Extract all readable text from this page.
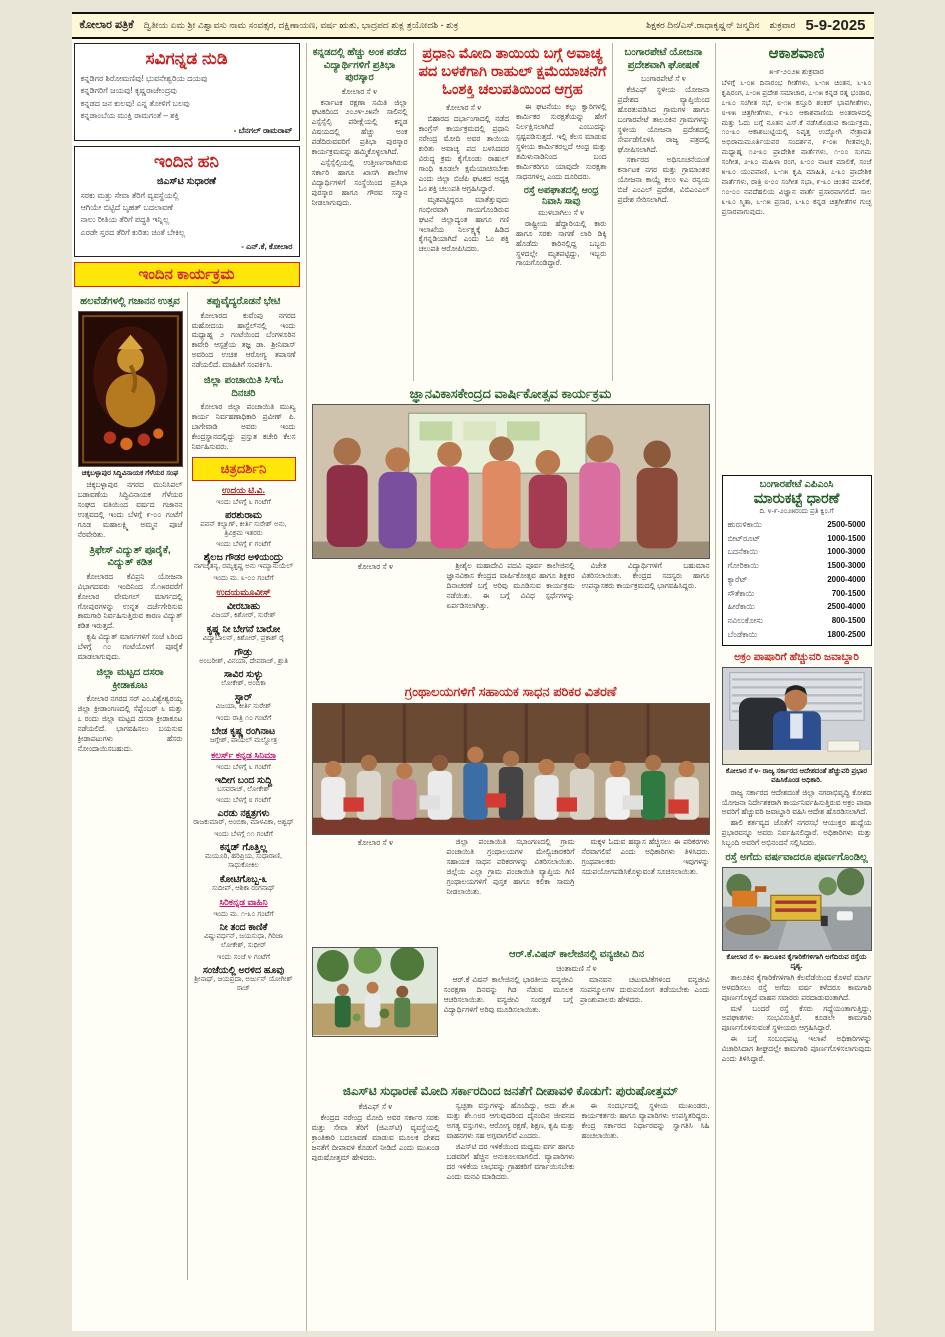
ಕೋಲಾರ ಪತ್ರಿಕೆ ದ್ವಿತೀಯ ಏಮ ಶ್ರೀ ವಿಶ್ವಾವಸು ನಾಮ ಸಂವತ್ಸರ, ದಕ್ಷಿಣಾಯಣ, ವರ್ಷ ಋತು, ಭಾದ್ರಪದ ಶುಕ್ಲ ತ್ರಯೋದಶಿ - ಶುಕ್ರ	ಶಿಕ್ಷಕರ ದಿನ/ಎಸ್.ರಾಧಾಕೃಷ್ಣನ್ ಜನ್ಮದಿನ ಶುಕ್ರವಾರ 5-9-2025
ಸವಿಗನ್ನಡ ನುಡಿ
ಕನ್ನಡಿಗರ ಶಿರೋಮಣಿವು! ಭುವನೇಶ್ವರಿಯ ದಯವು
ಕನ್ನಡಿಗರಿಗೆ ಜಯವು! ಕೃಷ್ಣರಾಜೇಂದ್ರವು
ಕನ್ನಡದ ಜನ ಕುಲವು! ಎನ್ನ ತೋಳಿಗೆ ಬಲವು
ಕನ್ನಡಾಂಬೆಯ ಮುಕ್ತಿ ರಾಮಗಂತೆ – ಶಕ್ತಿ
- ಬೆನಗಲ್ ರಾಮರಾವ್
ಇಂದಿನ ಹನಿ
ಜಿಎಸ್‌ಟಿ ಸುಧಾರಣೆ
ಸರಕು ಮತ್ತು ಸೇವಾ ತೆರಿಗೆ ವ್ಯವಸ್ಥೆಯಲ್ಲಿ
ಆಗಿಯೇ ಬಿಟ್ಟಿದೆ ಬೃಹತ್ ಬದಲಾವಣೆ
ನಾಲು ರೀತಿಯ ತೆರಿಗೆ ಪದ್ಧತಿ ಇನ್ನಿಲ್ಲ
ಎರಡೇ ಸ್ತರದ ತೆರಿಗೆ ಕುರಿತು ಚಿಂತೆ ಬೇಕಿಲ್ಲ
- ಎನ್.ಕೆ, ಕೋಲಾರ
ಇಂದಿನ ಕಾರ್ಯಕ್ರಮ
ಹಲವೆಡೆಗಳಲ್ಲಿ ಗಜಾನನ ಉತ್ಸವ
ಚಿಕ್ಕಬಳ್ಳಾಪುರ ಸಿದ್ಧಿವಿನಾಯಕ ಗೆಳೆಯರ ಸಂಘ

ಚಿಕ್ಕಬಳ್ಳಾಪುರ ನಗರದ ಮುನಿಸಿಪಲ್ ಬಡಾವಣೆಯ ಸಿದ್ಧಿವಿನಾಯಕ ಗೆಳೆಯರ ಸಂಘದ ವತಿಯಿಂದ ವರ್ಷದ ಗಜಾನನ ಉತ್ಸವದಲ್ಲಿ ಇಂದು ಬೆಳಗ್ಗೆ ೯-೦೦ ಗಂಟೆಗೆ ಗೂಡ ಮಹಾಲಕ್ಷ್ಮಿ ಅಮ್ಮನ ಪೂಜೆ ನೆರವೇರಿತು.

ತ್ರಿಫೇಸ್ ವಿದ್ಯುತ್ ಪೂರೈಕೆ, ವಿದ್ಯುತ್ ಕಡಿತ

ಕೋಲಾರದ ಕೆವಿಪ್ರನಿ ಯೋಜನಾ ವಿಭಾಗದವರು ಇಂದಿನಿಂದ ಸೆ.೧೫ರವರೆಗೆ ಕೋಲಾರ ವೇಮಗಲ್ ಮಾರ್ಗದಲ್ಲಿ ಗೋಪುರಗಳನ್ನು ಉನ್ನತ ದರ್ಜೆಗೇರಿಸುವ ಕಾಮಗಾರಿ ನಿರ್ವಹಿಸುತ್ತಿರುವ ಕಾರಣ ವಿದ್ಯುತ್ ಕಡಿತ ಇರುತ್ತದೆ.

ಕೃಷಿ ವಿದ್ಯುತ್ ಮಾರ್ಗಗಳಿಗೆ ಸಂಜೆ ೬ರಿಂದ ಬೆಳಗ್ಗೆ ೧೦ ಗಂಟೆಯೊಳಗೆ ಪೂರೈಕೆ ಮಾಡಲಾಗುವುದು.

ಜಿಲ್ಲಾ ಮಟ್ಟದ ದಸರಾ ಕ್ರೀಡಾಕೂಟ

ಕೋಲಾರ ನಗರದ ಸರ್ ಎಂ.ವಿಶ್ವೇಶ್ವರಯ್ಯ ಜಿಲ್ಲಾ ಕ್ರೀಡಾಂಗಣದಲ್ಲಿ ಸೆಪ್ಟೆಂಬರ್ ೬ ಮತ್ತು ೭ ರಂದು ಜಿಲ್ಲಾ ಮಟ್ಟದ ದಸರಾ ಕ್ರೀಡಾಕೂಟ ನಡೆಯಲಿದೆ. ಭಾಗವಹಿಸಲು ಬಯಸುವ ಕ್ರೀಡಾಪಟುಗಳು ಹೆಸರು ನೋಂದಾಯಿಸಬಹುದು.

ತಪ್ಪುವೈದ್ಯರೊಡನೆ ಭೇಟಿ

ಕೋಲಾರದ ಕುವೆಂಪು ನಗರದ ಮಹೋದಯ ಹಾಸ್ಟೆಲ್‌ನಲ್ಲಿ ಇಂದು ಮಧ್ಯಾಹ್ನ ೨ ಗಂಟೆಯಿಂದ ಬೆಂಗಳೂರಿನ ಕಾವೇರಿ ಆಸ್ಪತ್ರೆಯ ತಜ್ಞ ಡಾ. ಶ್ರೀನಿವಾಸ್ ಅವರಿಂದ ಉಚಿತ ಆರೋಗ್ಯ ತಪಾಸಣೆ ನಡೆಯಲಿದೆ. ಮಾಹಿತಿಗೆ ಸಂಪರ್ಕಿಸಿ.

ಜಿಲ್ಲಾ ಪಂಚಾಯಿತಿ ಸಿಇಓ ದಿನಚರಿ

ಕೋಲಾರ ಜಿಲ್ಲಾ ಪಂಚಾಯಿತಿ ಮುಖ್ಯ ಕಾರ್ಯ ನಿರ್ವಹಣಾಧಿಕಾರಿ ಪ್ರವೀಣ್ ಪಿ. ಬಾಗೇವಾಡಿ ಅವರು ಇಂದು ಕೇಂದ್ರಸ್ಥಾನದಲ್ಲಿದ್ದು ಪ್ರಸ್ತುತ ಕಚೇರಿ ಕೆಲಸ ನಿರ್ವಹಿಸುವರು.

ಚಿತ್ರದರ್ಶಿನಿ
ಉದಯ ಟಿ.ವಿ.
ಇಂದು ಬೆಳಗ್ಗೆ ೬ ಗಂಟೆಗೆ
ಪರಶುರಾಮ
ಪವನ್ ಕಲ್ಯಾಣ್, ಕೀರ್ತಿ ಸುರೇಶ್ ಅನು, ತ್ರಿವಿಕ್ರಮ ಇತರರು
ಇಂದು ಬೆಳಗ್ಗೆ ೯ ಗಂಟೆಗೆ
ಶೈಲಜ ಗೌಡರ ಅಳಿಯಂದ್ರು
ನಾಗಚೈತನ್ಯ, ರಮ್ಯಕೃಷ್ಣ ಅನು ಇಮ್ಯಾನುಯೆಲ್
ಇಂದು ಮ. ೩-೦೦ ಗಂಟೆಗೆ
ಉದಯಮೂವೀಸ್
ವೀರಬಾಹು
ವಿಜಯ್, ಕಿಶೋರ್, ಸುರೇಶ್
ಕೃಷ್ಣ ನೀ ಬೇಗನೆ ಬಾರೋ
ವಿದ್ಯಾಬಾಲನ್, ಕಿಶೋರ್, ಪ್ರಕಾಶ್ ರೈ
ಗೌಡ್ರು
ಅಂಬರೀಶ್, ವಿನಯಾ, ದೇವರಾಜ್, ಶ್ರುತಿ
ಸಾವಿರ ಸುಳ್ಳು
ಲೋಕೇಶ್, ಅಂಬಿಕಾ
ಸ್ಟಾರ್
ವಿಜಯಾ, ಕೀರ್ತಿ ಸುರೇಶ್
ಇಂದು ರಾತ್ರಿ ೧೦ ಗಂಟೆಗೆ
ಬೇಡ ಕೃಷ್ಣ ರಂಗಿನಾಟ
ಜಗ್ಗೇಶ್, ಪಾಯಲ್ ಮಲ್ಹೋತ್ರ
ಕಲರ್ಸ್ ಕನ್ನಡ ಸಿನಿಮಾ
ಇಂದು ಬೆಳಗ್ಗೆ ೬ ಗಂಟೆಗೆ
ಇದೀಗ ಬಂದ ಸುದ್ದಿ
ಬಸವರಾಜ್, ಲೋಕೇಶ್
ಇಂದು ಬೆಳಗ್ಗೆ ೮ ಗಂಟೆಗೆ
ಎರಡು ನಕ್ಷತ್ರಗಳು
ರಾಜಕುಮಾರ್, ಅಂಬಿಕಾ, ಮಾಳವಿಕಾ, ಅಶ್ವಥ್
ಇಂದು ಬೆಳಗ್ಗೆ ೧೧ ಗಂಟೆಗೆ
ಕನ್ನಡ್ ಗೊತ್ತಿಲ್ಲ
ಮಯೂರಿ, ಹರಿಪ್ರಿಯ, ಸುಧಾರಾಣಿ, ಸಾಧುಕೋಕಿಲ
ಕೋಟಿಗೊಬ್ಬ-೩
ಸುದೀಪ್, ಆಶಿಕಾ ರಂಗನಾಥ್
ಸಿರಿಕನ್ನಡ ವಾಹಿನಿ
ಇಂದು ಮ. ೧-೩೦ ಗಂಟೆಗೆ
ನೀ ತಂದ ಕಾಣಿಕೆ
ವಿಷ್ಣುವರ್ಧನ್, ಜಯಸುಧಾ, ಗಿರಿಜಾ ಲೋಕೇಶ್, ಸುಧೀರ್
ಇಂದು ಸಂಜೆ ೪ ಗಂಟೆಗೆ
ಸಂಜೆಯಲ್ಲಿ ಅರಳಿದ ಹೂವು
ಶ್ರೀನಾಥ್, ಜಯಪ್ರದಾ, ಅರ್ಜುನ್ ಯೋಗೀಶ್ ರಾಜ್
ಕನ್ನಡದಲ್ಲಿ ಹೆಚ್ಚು ಅಂಕ ಪಡೆದ ವಿದ್ಯಾರ್ಥಿಗಳಿಗೆ ಪ್ರತಿಭಾ ಪುರಸ್ಕಾರ
ಕೋಲಾರ ಸೆ ೪

ಕರ್ನಾಟಕ ರಕ್ಷಣಾ ಸಮಿತಿ ಜಿಲ್ಲಾ ಘಟಕದಿಂದ ೨೦೨೪-೨೫ನೇ ಸಾಲಿನಲ್ಲಿ ಎಸ್ಸೆಸ್ಸೆಲ್ಸಿ ಪರೀಕ್ಷೆಯಲ್ಲಿ ಕನ್ನಡ ವಿಷಯದಲ್ಲಿ ಹೆಚ್ಚು ಅಂಕ ಪಡೆದಿರುವವರಿಗೆ ಪ್ರತಿಭಾ ಪುರಸ್ಕಾರ ಕಾರ್ಯಕ್ರಮವನ್ನು ಹಮ್ಮಿಕೊಳ್ಳಲಾಗಿದೆ.

ಎಸ್ಸೆಸ್ಸೆಲ್ಸಿಯಲ್ಲಿ ಉತ್ತೀರ್ಣರಾಗಿರುವ ಸರ್ಕಾರಿ ಹಾಗೂ ಖಾಸಗಿ ಶಾಲೆಗಳ ವಿದ್ಯಾರ್ಥಿಗಳಿಗೆ ಸಂಸ್ಥೆಯಿಂದ ಪ್ರತಿಭಾ ಪುರಸ್ಕಾರ ಹಾಗೂ ಗೌರವ ಸನ್ಮಾನ ನೀಡಲಾಗುವುದು.

ಪ್ರಧಾನಿ ಮೋದಿ ತಾಯಿಯ ಬಗ್ಗೆ ಅವಾಚ್ಯ ಪದ ಬಳಕೆಗಾಗಿ ರಾಹುಲ್ ಕ್ಷಮೆಯಾಚನೆಗೆ ಓಂಶಕ್ತಿ ಚಲುಪತಿಯಿಂದ ಆಗ್ರಹ
ಕೋಲಾರ ಸೆ ೪

ಬಿಹಾರದ ದರ್ಭಾಂಗಾದಲ್ಲಿ ನಡೆದ ಕಾಂಗ್ರೆಸ್ ಕಾರ್ಯಕ್ರಮದಲ್ಲಿ ಪ್ರಧಾನಿ ನರೇಂದ್ರ ಮೋದಿ ಅವರ ತಾಯಿಯ ಕುರಿತು ಅವಾಚ್ಯ ಪದ ಬಳಸಿದವರ ವಿರುದ್ಧ ಕ್ರಮ ಕೈಗೊಂಡು ರಾಹುಲ್ ಗಾಂಧಿ ಕೂಡಲೇ ಕ್ಷಮೆಯಾಚಿಸಬೇಕು ಎಂದು ಜಿಲ್ಲಾ ಬಿಜೆಪಿ ಘಟಕದ ಅಧ್ಯಕ್ಷ ಓಂ ಶಕ್ತಿ ಚಲುಪತಿ ಆಗ್ರಹಿಸಿದ್ದಾರೆ.

ಮೃತಪಟ್ಟಿದ್ದರೂ ಮಾತೆತ್ತುವುದು ಗಂಭೀರವಾಗಿ ಗಾಯಗೊಂಡಿರುವ ಘಟನೆ ಜಿಲ್ಲಾದ್ಯಂತ ಹಾಗೂ ಗಣಿ ಇಲಾಖೆಯ ನಿರ್ಲಕ್ಷ್ಯಕ್ಕೆ ಹಿಡಿದ ಕೈಗನ್ನಡಿಯಾಗಿದೆ ಎಂದು ಓಂ ಶಕ್ತಿ ಚಲುಪತಿ ಆರೋಪಿಸಿದರು.

ಈ ಘಟನೆಯು ಕಲ್ಲು ಕ್ವಾರಿಗಳಲ್ಲಿ ಕಾರ್ಮಿಕರ ಸುರಕ್ಷತೆಯನ್ನು ಹೇಗೆ ನಿರ್ಲಕ್ಷಿಸಲಾಗಿದೆ ಎಂಬುದನ್ನು ಸ್ಪಷ್ಟಪಡಿಸುತ್ತದೆ. ಇಲ್ಲಿ ಕೆಲಸ ಮಾಡುವ ಸ್ಥಳೀಯ ಕಾರ್ಮಿಕರಲ್ಲದೆ ಆಂಧ್ರ ಮತ್ತು ತಮಿಳುನಾಡಿನಿಂದ ಬಂದ ಕಾರ್ಮಿಕರಿಗೂ ಯಾವುದೇ ಸುರಕ್ಷತಾ ಸಾಧನಗಳಿಲ್ಲ ಎಂದು ದೂರಿದರು.

ರಸ್ತೆ ಅಪಘಾತದಲ್ಲಿ ಆಂಧ್ರ ನಿವಾಸಿ ಸಾವು
ಮುಳಬಾಗಿಲು ಸೆ ೪

ರಾಷ್ಟ್ರೀಯ ಹೆದ್ದಾರಿಯಲ್ಲಿ ಕಾರು ಹಾಗೂ ಸರಕು ಸಾಗಣೆ ಲಾರಿ ಡಿಕ್ಕಿ ಹೊಡೆದು ಕಾರಿನಲ್ಲಿದ್ದ ಒಬ್ಬರು ಸ್ಥಳದಲ್ಲೇ ಮೃತಪಟ್ಟಿದ್ದು, ಇಬ್ಬರು ಗಾಯಗೊಂಡಿದ್ದಾರೆ.

ಬಂಗಾರಪೇಟೆ ಯೋಜನಾ ಪ್ರದೇಶವಾಗಿ ಘೋಷಣೆ
ಬಂಗಾರಪೇಟೆ ಸೆ ೪

ಕೆಜಿಎಫ್ ಸ್ಥಳೀಯ ಯೋಜನಾ ಪ್ರದೇಶದ ವ್ಯಾಪ್ತಿಯಿಂದ ಹೊರತುಪಡಿಸಿದ ಗ್ರಾಮಗಳ ಹಾಗೂ ಬಂಗಾರಪೇಟೆ ತಾಲೂಕಿನ ಗ್ರಾಮಗಳನ್ನು ಸ್ಥಳೀಯ ಯೋಜನಾ ಪ್ರದೇಶದಲ್ಲಿ ಸೇರ್ಪಡೆಗೊಳಿಸಿ ರಾಜ್ಯ ಪತ್ರದಲ್ಲಿ ಘೋಷಿಸಲಾಗಿದೆ.

ಸರ್ಕಾರದ ಅಧಿಸೂಚನೆಯಂತೆ ಕರ್ನಾಟಕ ನಗರ ಮತ್ತು ಗ್ರಾಮಾಂತರ ಯೋಜನಾ ಕಾಯ್ದೆ ಕಲಂ ೪ಎ ರನ್ವಯ ಬಿಜೆ ಎಂಎಲ್ ಪ್ರದೇಶ, ವಿಬಿಎಂಎಲ್ ಪ್ರದೇಶ ಸೇರಿಸಲಾಗಿದೆ.

ಜ್ಞಾನವಿಕಾಸಕೇಂದ್ರದ ವಾರ್ಷಿಕೋತ್ಸವ ಕಾರ್ಯಕ್ರಮ
ಕೋಲಾರ ಸೆ ೪	ಶ್ರೀಶೈಲ ಮಹಾದೇವಿ ಪದವಿ ಪೂರ್ವ ಕಾಲೇಜಿನಲ್ಲಿ ಜ್ಞಾನವಿಕಾಸ ಕೇಂದ್ರದ ವಾರ್ಷಿಕೋತ್ಸವ ಹಾಗೂ ಶಿಕ್ಷಕರ ದಿನಾಚರಣೆ ಬಗ್ಗೆ ಅರಿವು ಮೂಡಿಸುವ ಕಾರ್ಯಕ್ರಮ ನಡೆಯಿತು. ಈ ಬಗ್ಗೆ ವಿವಿಧ ಸ್ಪರ್ಧೆಗಳನ್ನು ಏರ್ಪಡಿಸಲಾಗಿತ್ತು.

ವಿಜೇತ ವಿದ್ಯಾರ್ಥಿಗಳಿಗೆ ಬಹುಮಾನ ವಿತರಿಸಲಾಯಿತು. ಕೇಂದ್ರದ ಸದಸ್ಯರು ಹಾಗೂ ಉಪನ್ಯಾಸಕರು ಕಾರ್ಯಕ್ರಮದಲ್ಲಿ ಭಾಗವಹಿಸಿದ್ದರು.

ಗ್ರಂಥಾಲಯಗಳಿಗೆ ಸಹಾಯಕ ಸಾಧನ ಪರಿಕರ ವಿತರಣೆ
ಕೋಲಾರ ಸೆ ೪	ಜಿಲ್ಲಾ ಪಂಚಾಯಿತಿ ಸಭಾಂಗಣದಲ್ಲಿ ಗ್ರಾಮ ಪಂಚಾಯಿತಿ ಗ್ರಂಥಾಲಯಗಳ ಮೇಲ್ವಿಚಾರಕರಿಗೆ ಸಹಾಯಕ ಸಾಧನ ಪರಿಕರಗಳನ್ನು ವಿತರಿಸಲಾಯಿತು. ಜಿಲ್ಲೆಯ ಎಲ್ಲಾ ಗ್ರಾಮ ಪಂಚಾಯಿತಿ ವ್ಯಾಪ್ತಿಯ ಗಿಣಿ ಗ್ರಂಥಾಲಯಗಳಿಗೆ ಪುಸ್ತಕ ಹಾಗೂ ಕಲಿಕಾ ಸಾಮಗ್ರಿ ನೀಡಲಾಯಿತು.

ಮಕ್ಕಳ ಓದುವ ಹವ್ಯಾಸ ಹೆಚ್ಚಿಸಲು ಈ ಪರಿಕರಗಳು ನೆರವಾಗಲಿವೆ ಎಂದು ಅಧಿಕಾರಿಗಳು ತಿಳಿಸಿದರು. ಗ್ರಂಥಪಾಲಕರು ಇವುಗಳನ್ನು ಸದುಪಯೋಗಪಡಿಸಿಕೊಳ್ಳುವಂತೆ ಸೂಚಿಸಲಾಯಿತು.

ಆರ್.ಕೆ.ವಿಷನ್ ಕಾಲೇಜಿನಲ್ಲಿ ವನ್ಯಜೀವಿ ದಿನ
ಚಿಂತಾಮಣಿ ಸೆ ೪

ಆರ್.ಕೆ ವಿಷನ್ ಕಾಲೇಜಿನಲ್ಲಿ ಭಾರತೀಯ ವನ್ಯಜೀವಿ ಸಂರಕ್ಷಣಾ ದಿನವನ್ನು ಗಿಡ ನೆಡುವ ಮೂಲಕ ಆಚರಿಸಲಾಯಿತು. ವನ್ಯಜೀವಿ ಸಂರಕ್ಷಣೆ ಬಗ್ಗೆ ವಿದ್ಯಾರ್ಥಿಗಳಿಗೆ ಅರಿವು ಮೂಡಿಸಲಾಯಿತು.

ಮಾನವನ ಚಟುವಟಿಕೆಗಳಿಂದ ವನ್ಯಜೀವಿ ಸಂಪನ್ಮೂಲಗಳ ದುರುಪಯೋಗ ತಡೆಯಬೇಕು ಎಂದು ಪ್ರಾಂಶುಪಾಲರು ಹೇಳಿದರು.

ಜಿಎಸ್‌ಟಿ ಸುಧಾರಣೆ ಮೋದಿ ಸರ್ಕಾರದಿಂದ ಜನತೆಗೆ ದೀಪಾವಳಿ ಕೊಡುಗೆ: ಪುರುಷೋತ್ತಮ್
ಕೆಜಿಎಫ್ ಸೆ ೪

ಕೇಂದ್ರದ ನರೇಂದ್ರ ಮೋದಿ ಅವರ ಸರ್ಕಾರ ಸರಕು ಮತ್ತು ಸೇವಾ ತೆರಿಗೆ (ಜಿಎಸ್‌ಟಿ) ವ್ಯವಸ್ಥೆಯಲ್ಲಿ ಕ್ರಾಂತಿಕಾರಿ ಬದಲಾವಣೆ ಮಾಡುವ ಮೂಲಕ ದೇಶದ ಜನತೆಗೆ ದೀಪಾವಳಿ ಕೊಡುಗೆ ನೀಡಿದೆ ಎಂದು ಮುಖಂಡ ಪುರುಷೋತ್ತಮ್ ಹೇಳಿದರು.

ಸ್ವಚ್ಛತಾ ವಸ್ತುಗಳನ್ನು ಹೊಂದಿದ್ದು, ಅದು ಶೇ.೫ ಮತ್ತು ಶೇ.೧೮ರ ಆಗುವುದರಿಂದ ದೈನಂದಿನ ಜೀವನದ ಅಗತ್ಯ ವಸ್ತುಗಳು, ಆರೋಗ್ಯ ರಕ್ಷಣೆ, ಶಿಕ್ಷಣ, ಕೃಷಿ ಮತ್ತು ವಾಹನಗಳು ಸಹ ಅಗ್ಗವಾಗಲಿವೆ ಎಂದರು.

ಜಿಎಸ್‌ಟಿ ದರ ಇಳಿಕೆಯಿಂದ ಮಧ್ಯಮ ವರ್ಗ ಹಾಗೂ ಬಡವರಿಗೆ ಹೆಚ್ಚಿನ ಅನುಕೂಲವಾಗಲಿದೆ. ವ್ಯಾಪಾರಿಗಳು ದರ ಇಳಿಕೆಯ ಲಾಭವನ್ನು ಗ್ರಾಹಕರಿಗೆ ವರ್ಗಾಯಿಸಬೇಕು ಎಂದು ಮನವಿ ಮಾಡಿದರು.

ಈ ಸಂದರ್ಭದಲ್ಲಿ ಸ್ಥಳೀಯ ಮುಖಂಡರು, ಕಾರ್ಯಕರ್ತರು ಹಾಗೂ ವ್ಯಾಪಾರಿಗಳು ಉಪಸ್ಥಿತರಿದ್ದರು. ಕೇಂದ್ರ ಸರ್ಕಾರದ ನಿರ್ಧಾರವನ್ನು ಸ್ವಾಗತಿಸಿ ಸಿಹಿ ಹಂಚಲಾಯಿತು.

ಆಕಾಶವಾಣಿ
೫-೯-೨೦೨೫ ಶುಕ್ರವಾರ
ಬೆಳಗ್ಗೆ ೬-೦೫ ದಿನಾರಂಭ ಗೀತೆಗಳು, ೬-೧೫ ಚಿಂತನ, ೬-೩೦ ಕೃಷಿರಂಗ, ೭-೦೫ ಪ್ರದೇಶ ಸಮಾಚಾರ, ೭-೧೫ ಕನ್ನಡ ರತ್ನ ಭಂಡಾರ, ೭-೩೦ ಸಂಗೀತ ಸಭೆ, ೮-೧೫ ಕಸ್ತೂರಿ ಶಂಕರ್ ಭಾವಗೀತೆಗಳು, ೮-೪೫ ಚಿತ್ರಗೀತೆಗಳು, ೯-೩೦ ಆಕಾಶವಾಣಿಯ ಅಂತರಾಳದಲ್ಲಿ ಮತ್ತು ಓದು ಬಗ್ಗೆ ನೂತನ ಎಸ್.ಕೆ ನಡೆಸಿಕೊಡುವ ಕಾರ್ಯಕ್ರಮ, ೧೦-೩೦ ಆಕಾಶಬುಟ್ಟಿಯಲ್ಲಿ ನಿವೃತ್ತ ಉದ್ಯೋಗಿ ನೇತ್ರಾವತಿ ಅಭಿರಾಮಮೂರ್ತಿಯವರ ಸಂದರ್ಶನ, ೯-೦೫ ಗೀತವಲ್ಲರಿ, ಮಧ್ಯಾಹ್ನ ೧೨-೩೦ ಪ್ರಾದೇಶಿಕ ವಾರ್ತೆಗಳು, ೧-೦೦ ಸುಗಮ ಸಂಗೀತ, ೨-೩೦ ಮಹಿಳಾ ರಂಗ, ೩-೦೦ ನಾಟಕ ಮಾಲಿಕೆ, ಸಂಜೆ ೫-೩೦ ಯುವವಾಣಿ, ೬-೧೫ ಕೃಷಿ ಮಾಹಿತಿ, ೭-೩೦ ಪ್ರಾದೇಶಿಕ ವಾರ್ತೆಗಳು, ರಾತ್ರಿ ೮-೦೦ ಸಂಗೀತ ಸಭಾ, ೯-೩೦ ಚಿಂತನ ಮಾಲಿಕೆ, ೧೦-೦೦ ನವದೆಹಲಿಯ ವಿಜ್ಞಾನ ವಾರ್ತೆ ಪ್ರಸಾರವಾಗಲಿದೆ. ಸಾಲ ೩-೩೦ ಸ್ಮಿತಾ, ೬-೧೫ ಪ್ರಸಾರ, ೬-೩೦ ಕನ್ನಡ ಚಿತ್ರಗೀತೆಗಳ ಗುಚ್ಛ ಪ್ರಸಾರವಾಗುವುದು.
ಬಂಗಾರಪೇಟೆ ಎಪಿಎಂಸಿ
ಮಾರುಕಟ್ಟೆ ಧಾರಣೆ
ದಿ. ೪-೯-೨೦೨೫ರಂದು ಪ್ರತಿ ಕ್ವಿಂ.ಗೆ
ಹುರುಳಿಕಾಯಿ	2500-5000
ಬೀಟ್‌ರೂಟ್	1000-1500
ಬದನೆಕಾಯಿ	1000-3000
ಗೋರಿಕಾಯಿ	1500-3000
ಕ್ಯಾರೆಟ್	2000-4000
ಸೌತೆಕಾಯಿ	700-1500
ಹೀರೆಕಾಯಿ	2500-4000
ನವಿಲುಕೋಸು	800-1500
ಬೆಂಡೆಕಾಯಿ	1800-2500
ಅಕ್ರಂ ಪಾಷಾರಿಗೆ ಹೆಚ್ಚುವರಿ ಜವಾಬ್ದಾರಿ
ಕೋಲಾರ ಸೆ ೪- ರಾಜ್ಯ ಸರ್ಕಾರದ ಆದೇಶದಂತೆ ಹೆಚ್ಚುವರಿ ಪ್ರಭಾರ ವಹಿಸಿಕೊಂಡ ಅಧಿಕಾರಿ.

ರಾಜ್ಯ ಸರ್ಕಾರದ ಆದೇಶದಂತೆ ಜಿಲ್ಲಾ ನಗರಾಭಿವೃದ್ಧಿ ಕೋಶದ ಯೋಜನಾ ನಿರ್ದೇಶಕರಾಗಿ ಕಾರ್ಯನಿರ್ವಹಿಸುತ್ತಿರುವ ಅಕ್ರಂ ಪಾಷಾ ಅವರಿಗೆ ಹೆಚ್ಚುವರಿ ಜವಾಬ್ದಾರಿ ವಹಿಸಿ ಆದೇಶ ಹೊರಡಿಸಲಾಗಿದೆ.

ಹಾಲಿ ಕರ್ತವ್ಯದ ಜೊತೆಗೆ ನಗರಸಭೆ ಆಯುಕ್ತರ ಹುದ್ದೆಯ ಪ್ರಭಾರವನ್ನೂ ಅವರು ನಿರ್ವಹಿಸಲಿದ್ದಾರೆ. ಅಧಿಕಾರಿಗಳು ಮತ್ತು ಸಿಬ್ಬಂದಿ ಅವರಿಗೆ ಅಭಿನಂದನೆ ಸಲ್ಲಿಸಿದರು.

ರಸ್ತೆ ಅಗೆದು ವರ್ಷವಾದರೂ ಪೂರ್ಣಗೊಂಡಿಲ್ಲ
ಕೋಲಾರ ಸೆ ೪- ತಾಲೂಕಿನ ಕೈಗಾರಿಕೆಗಳಿಗಾಗಿ ಅಗೆದಿರುವ ರಸ್ತೆಯ ದೃಶ್ಯ.

ತಾಲೂಕಿನ ಕೈಗಾರಿಕೆಗಳಿಗಾಗಿ ಕೆಲವೆಡೆಯಿಂದ ಕೊಳವೆ ಮಾರ್ಗ ಅಳವಡಿಸಲು ರಸ್ತೆ ಅಗೆದು ವರ್ಷ ಕಳೆದರೂ ಕಾಮಗಾರಿ ಪೂರ್ಣಗೊಳ್ಳದೆ ವಾಹನ ಸವಾರರು ಪರದಾಡುವಂತಾಗಿದೆ.

ಮಳೆ ಬಂದರೆ ರಸ್ತೆ ಕೆಸರು ಗದ್ದೆಯಂತಾಗುತ್ತಿದ್ದು, ಅಪಘಾತಗಳು ಸಂಭವಿಸುತ್ತಿವೆ. ಕೂಡಲೇ ಕಾಮಗಾರಿ ಪೂರ್ಣಗೊಳಿಸುವಂತೆ ಸ್ಥಳೀಯರು ಆಗ್ರಹಿಸಿದ್ದಾರೆ.

ಈ ಬಗ್ಗೆ ಸಂಬಂಧಪಟ್ಟ ಇಲಾಖೆ ಅಧಿಕಾರಿಗಳನ್ನು ವಿಚಾರಿಸಿದಾಗ ಶೀಘ್ರದಲ್ಲೇ ಕಾಮಗಾರಿ ಪೂರ್ಣಗೊಳಿಸಲಾಗುವುದು ಎಂದು ತಿಳಿಸಿದ್ದಾರೆ.
